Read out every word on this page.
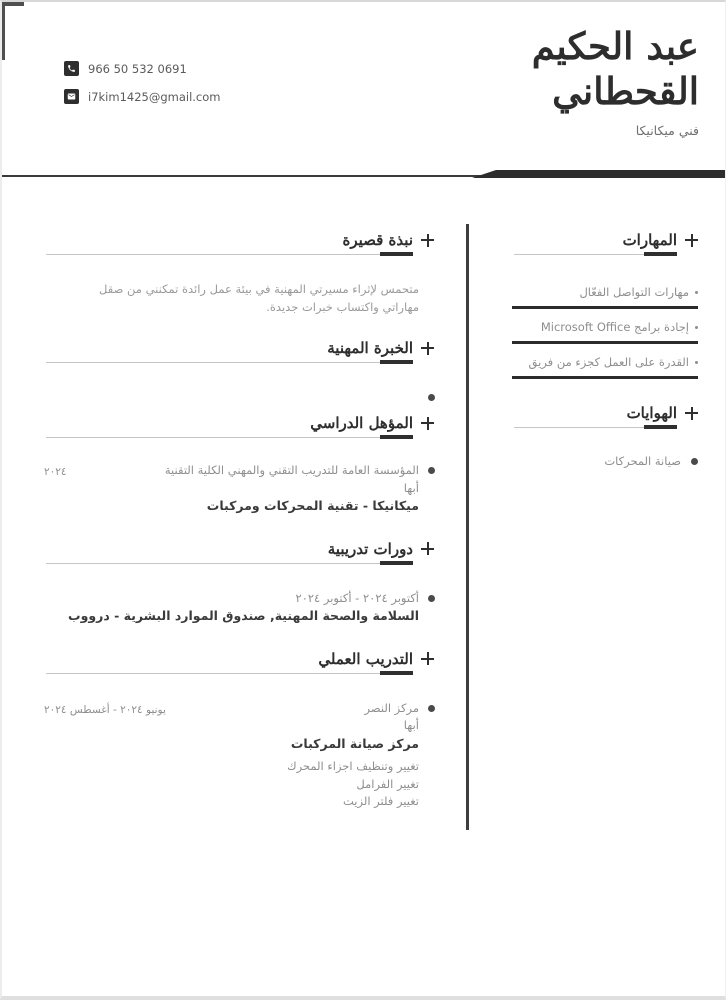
966 50 532 0691
i7kim1425@gmail.com
عبد الحكيم
القحطاني
فني ميكانيكا
المهارات
مهارات التواصل الفعّال
إجادة برامج Microsoft Office
القدرة على العمل كجزء من فريق
الهوايات
صيانة المحركات
نبذة قصيرة
متحمس لإثراء مسيرتي المهنية في بيئة عمل رائدة تمكنني من صقل مهاراتي واكتساب خبرات جديدة.
الخبرة المهنية
المؤهل الدراسي
٢٠٢٤	المؤسسة العامة للتدريب التقني والمهني الكلية التقنية
أبها
ميكانيكا - تقنية المحركات ومركبات
دورات تدريبية
أكتوبر ٢٠٢٤ - أكتوبر ٢٠٢٤
السلامة والصحة المهنية, صندوق الموارد البشرية - درووب
التدريب العملي
يونيو ٢٠٢٤ - أغسطس ٢٠٢٤	مركز النصر
أبها
مركز صيانة المركبات
تغيير وتنظيف اجزاء المحرك
تغيير الفرامل
تغيير فلتر الزيت
